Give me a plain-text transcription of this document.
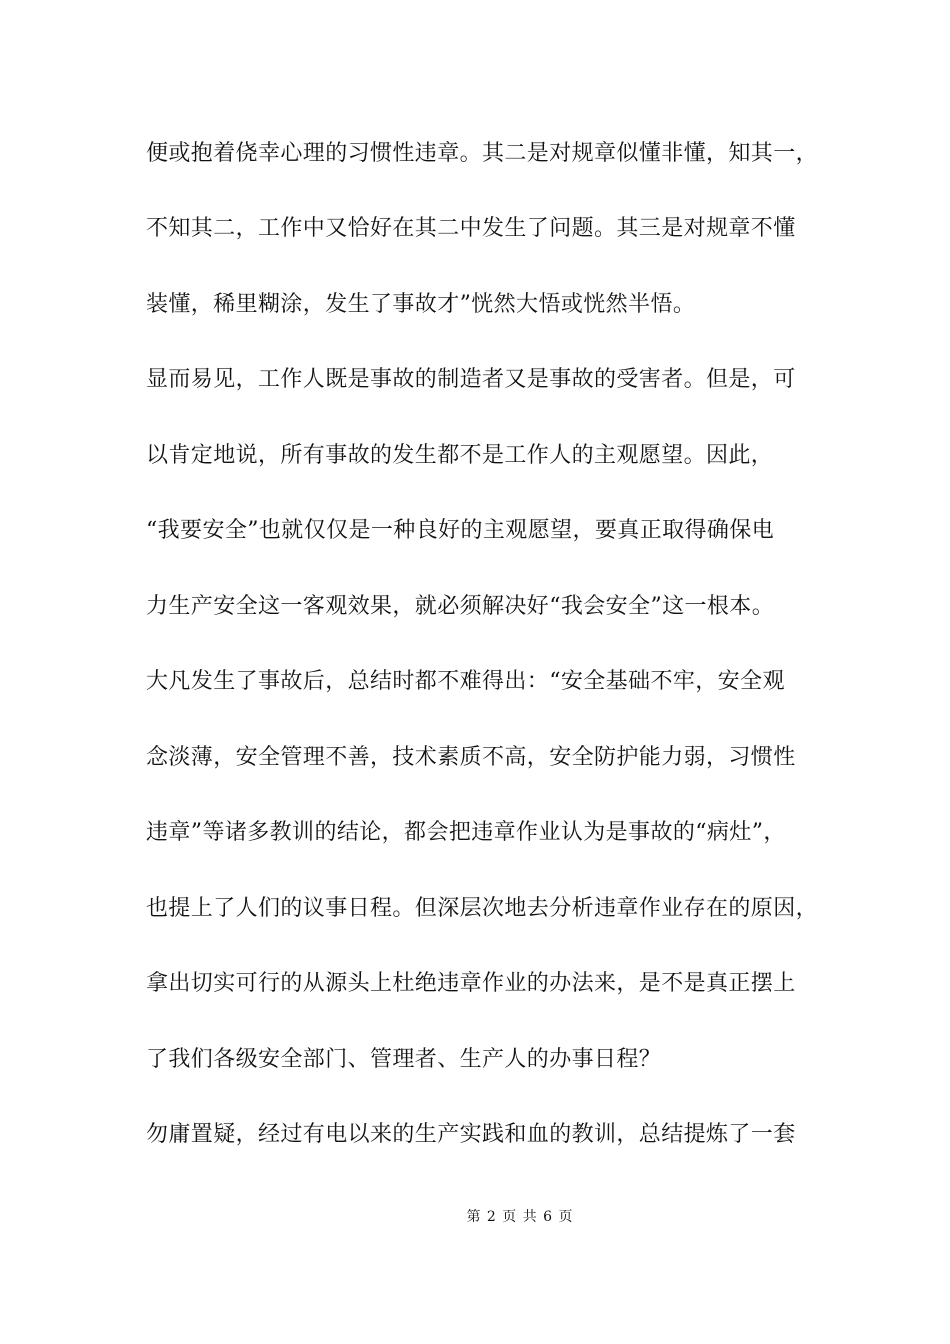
便或抱着侥幸心理的习惯性违章。其二是对规章似懂非懂，知其一，
不知其二，工作中又恰好在其二中发生了问题。其三是对规章不懂
装懂，稀里糊涂，发生了事故才”恍然大悟或恍然半悟。
显而易见，工作人既是事故的制造者又是事故的受害者。但是，可
以肯定地说，所有事故的发生都不是工作人的主观愿望。因此，
“我要安全”也就仅仅是一种良好的主观愿望，要真正取得确保电
力生产安全这一客观效果，就必须解决好“我会安全”这一根本。
大凡发生了事故后，总结时都不难得出：“安全基础不牢，安全观
念淡薄，安全管理不善，技术素质不高，安全防护能力弱，习惯性
违章”等诸多教训的结论，都会把违章作业认为是事故的“病灶”，
也提上了人们的议事日程。但深层次地去分析违章作业存在的原因，
拿出切实可行的从源头上杜绝违章作业的办法来，是不是真正摆上
了我们各级安全部门、管理者、生产人的办事日程？
勿庸置疑，经过有电以来的生产实践和血的教训，总结提炼了一套
第 2 页 共 6 页
